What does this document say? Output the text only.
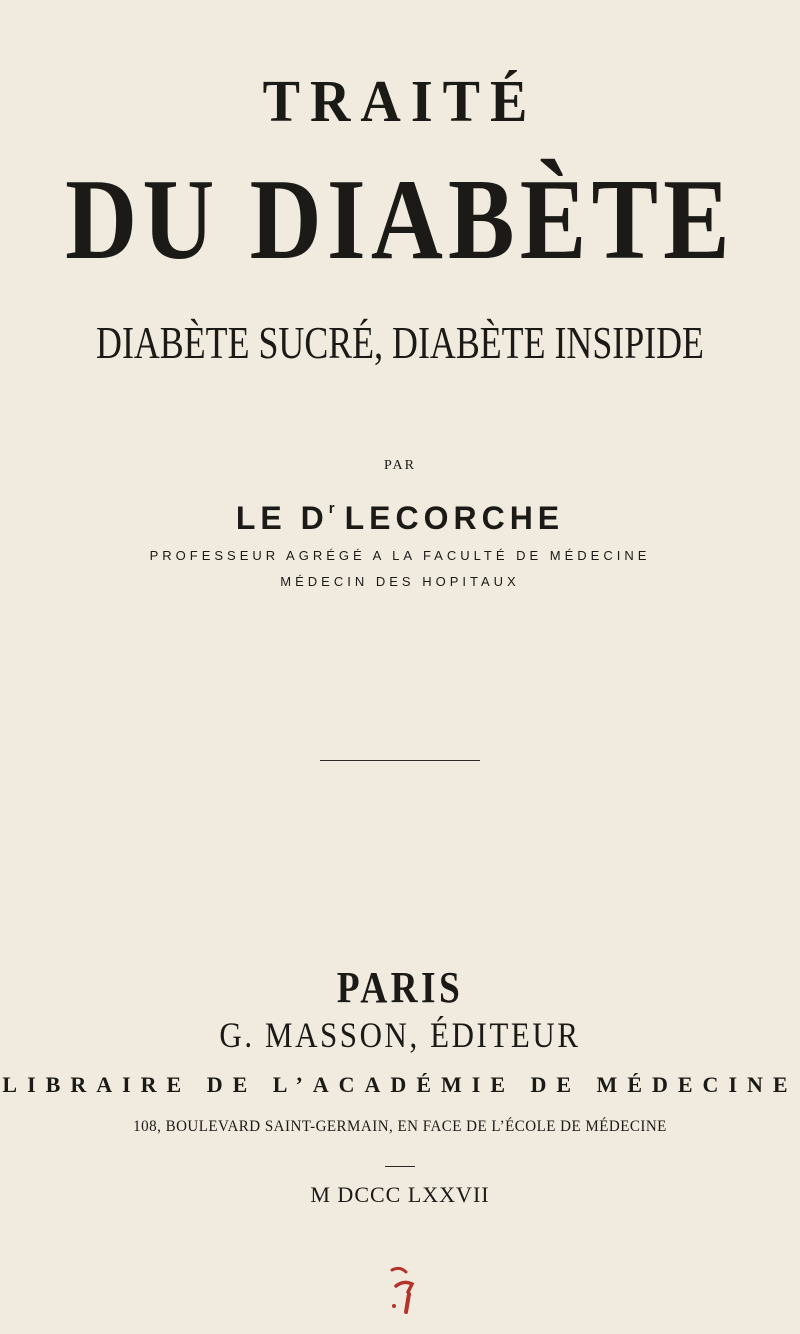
TRAITÉ
DU DIABÈTE
DIABÈTE SUCRÉ, DIABÈTE INSIPIDE
PAR
LE $D^r$ LECORCHE
PROFESSEUR AGRÉGÉ A LA FACULTÉ DE MÉDECINE
MÉDECIN DES HOPITAUX
PARIS
G. MASSON, ÉDITEUR
LIBRAIRE DE L’ACADÉMIE DE MÉDECINE
108, BOULEVARD SAINT-GERMAIN, EN FACE DE L’ÉCOLE DE MÉDECINE
M DCCC LXXVII
